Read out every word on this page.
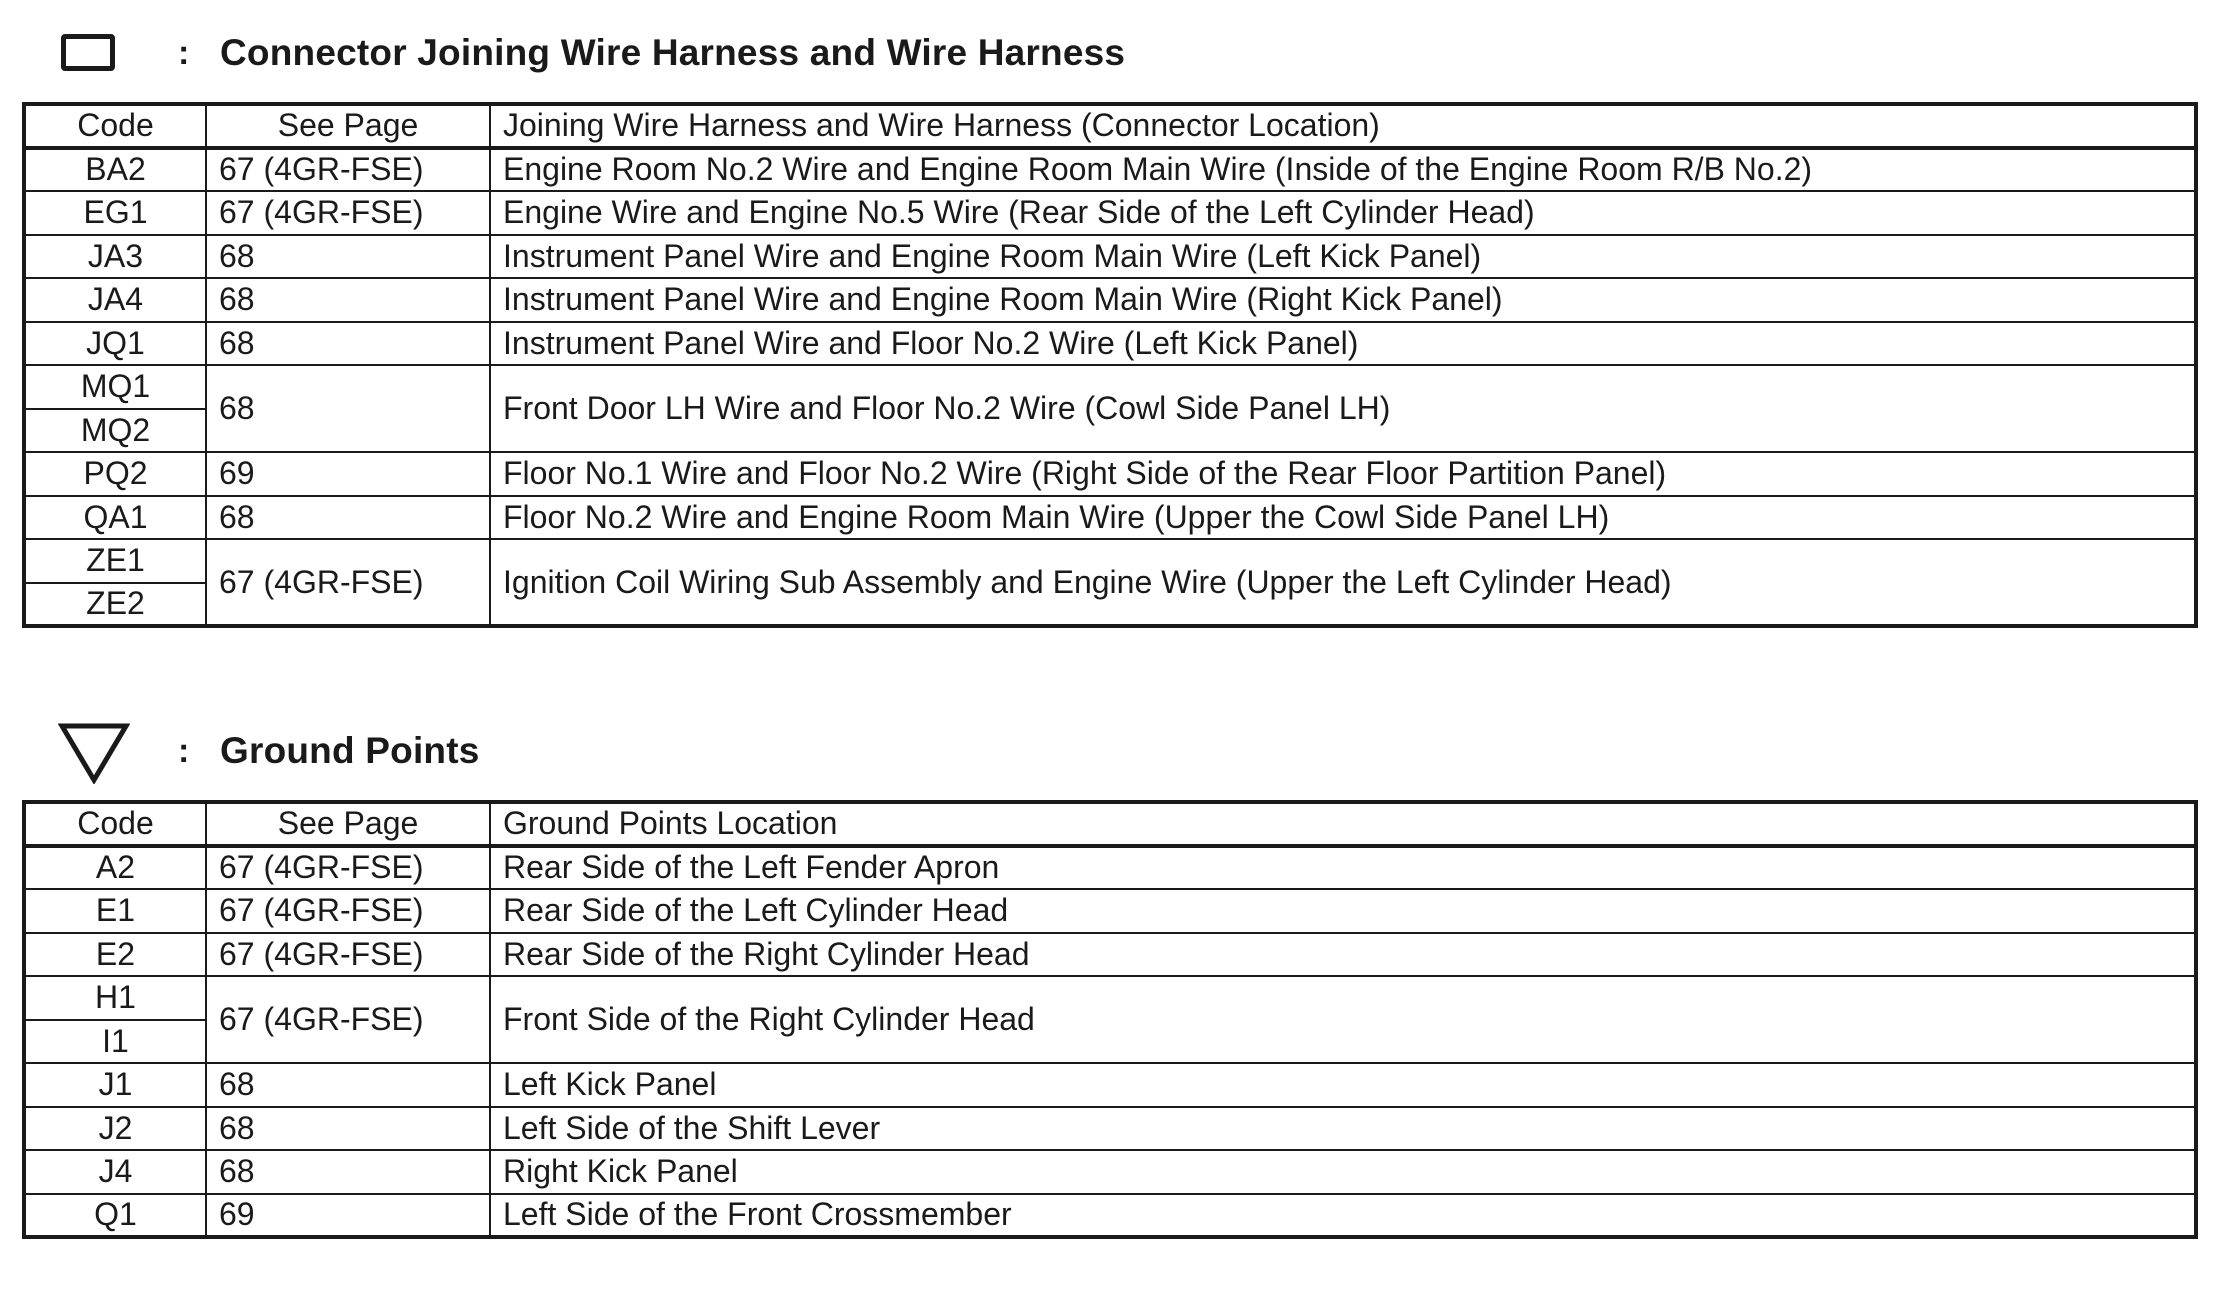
: Connector Joining Wire Harness and Wire Harness
Code	See Page	Joining Wire Harness and Wire Harness (Connector Location)
BA2	67 (4GR-FSE)	Engine Room No.2 Wire and Engine Room Main Wire (Inside of the Engine Room R/B No.2)
EG1	67 (4GR-FSE)	Engine Wire and Engine No.5 Wire (Rear Side of the Left Cylinder Head)
JA3	68	Instrument Panel Wire and Engine Room Main Wire (Left Kick Panel)
JA4	68	Instrument Panel Wire and Engine Room Main Wire (Right Kick Panel)
JQ1	68	Instrument Panel Wire and Floor No.2 Wire (Left Kick Panel)
MQ1	68	Front Door LH Wire and Floor No.2 Wire (Cowl Side Panel LH)
MQ2		
PQ2	69	Floor No.1 Wire and Floor No.2 Wire (Right Side of the Rear Floor Partition Panel)
QA1	68	Floor No.2 Wire and Engine Room Main Wire (Upper the Cowl Side Panel LH)
ZE1	67 (4GR-FSE)	Ignition Coil Wiring Sub Assembly and Engine Wire (Upper the Left Cylinder Head)
ZE2		
: Ground Points
Code	See Page	Ground Points Location
A2	67 (4GR-FSE)	Rear Side of the Left Fender Apron
E1	67 (4GR-FSE)	Rear Side of the Left Cylinder Head
E2	67 (4GR-FSE)	Rear Side of the Right Cylinder Head
H1	67 (4GR-FSE)	Front Side of the Right Cylinder Head
I1		
J1	68	Left Kick Panel
J2	68	Left Side of the Shift Lever
J4	68	Right Kick Panel
Q1	69	Left Side of the Front Crossmember
